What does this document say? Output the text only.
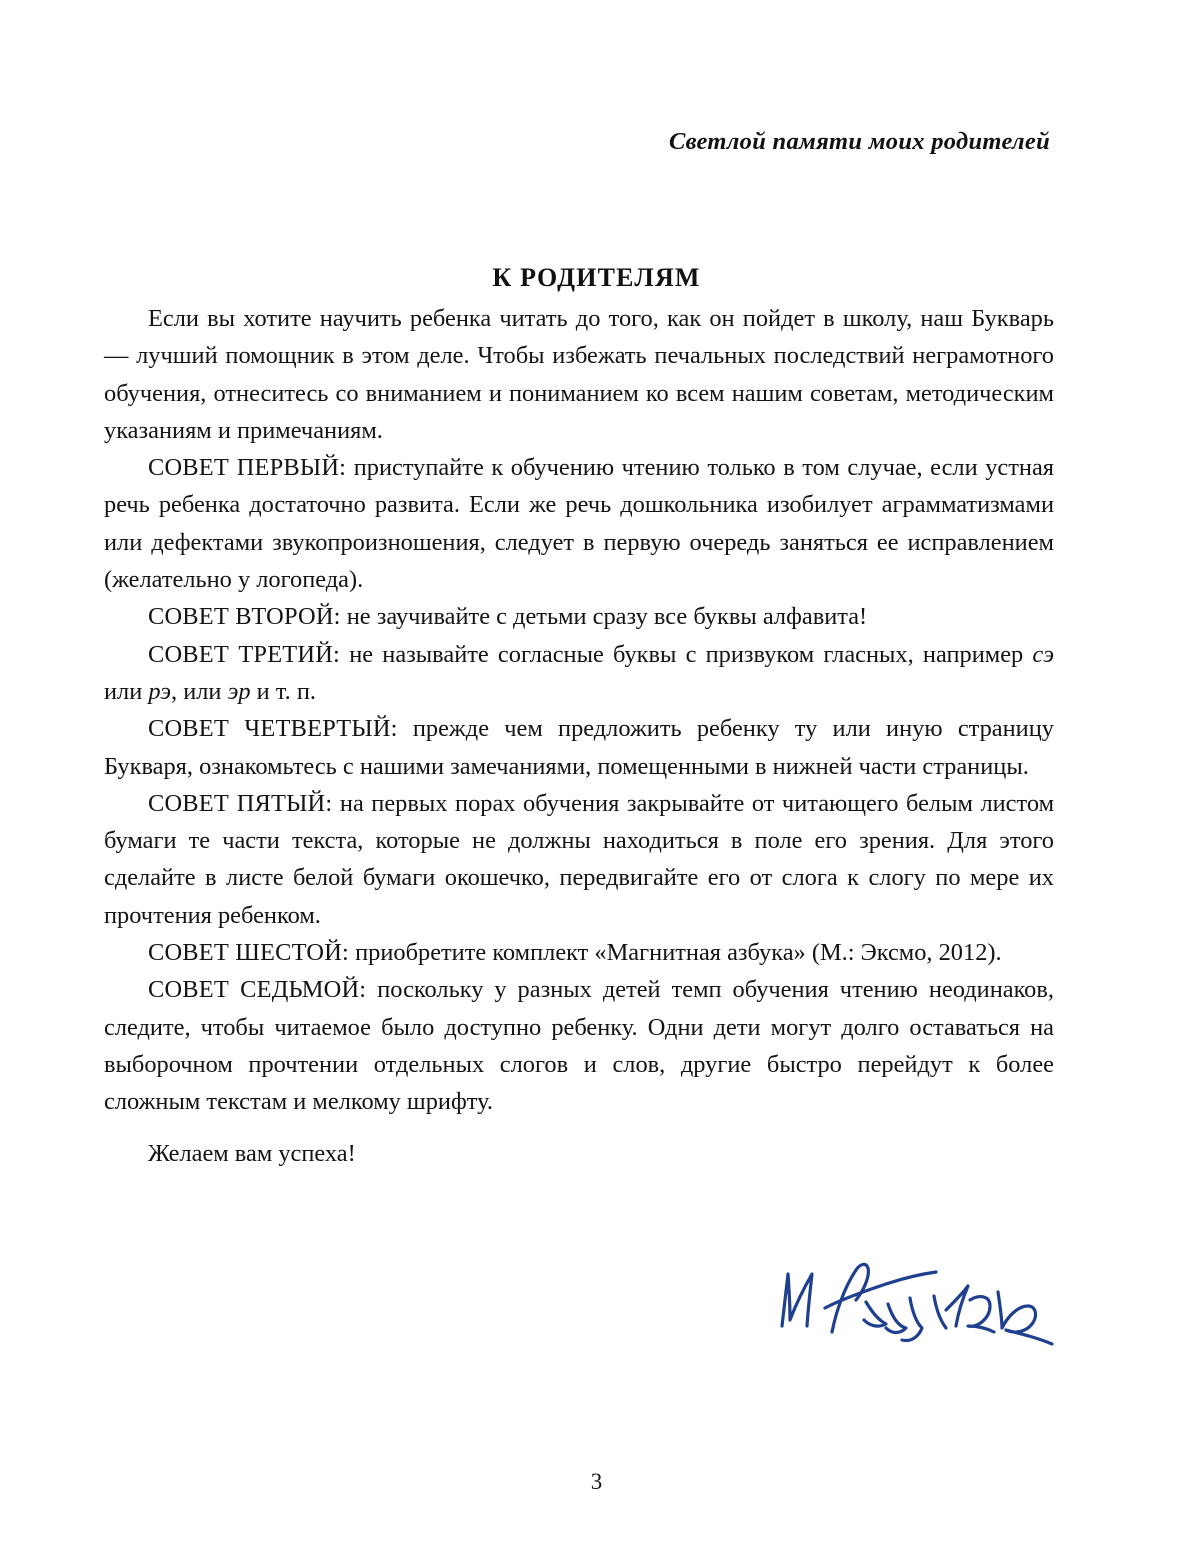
Светлой памяти моих родителей
К РОДИТЕЛЯМ

Если вы хотите научить ребенка читать до того, как он пойдет в школу, наш Букварь — лучший помощник в этом деле. Чтобы избежать печальных последствий неграмотного обучения, отнеситесь со вниманием и пониманием ко всем нашим советам, методическим указаниям и примечаниям.

СОВЕТ ПЕРВЫЙ: приступайте к обучению чтению только в том случае, если устная речь ребенка достаточно развита. Если же речь дошкольника изобилует аграмматизмами или дефектами звукопроизношения, следует в первую очередь заняться ее исправлением (желательно у логопеда).

СОВЕТ ВТОРОЙ: не заучивайте с детьми сразу все буквы алфавита!

СОВЕТ ТРЕТИЙ: не называйте согласные буквы с призвуком гласных, например сэ или рэ, или эр и т. п.

СОВЕТ ЧЕТВЕРТЫЙ: прежде чем предложить ребенку ту или иную страницу Букваря, ознакомьтесь с нашими замечаниями, помещенными в нижней части страницы.

СОВЕТ ПЯТЫЙ: на первых порах обучения закрывайте от читающего белым листом бумаги те части текста, которые не должны находиться в поле его зрения. Для этого сделайте в листе белой бумаги окошечко, передвигайте его от слога к слогу по мере их прочтения ребенком.

СОВЕТ ШЕСТОЙ: приобретите комплект «Магнитная азбука» (М.: Эксмо, 2012).

СОВЕТ СЕДЬМОЙ: поскольку у разных детей темп обучения чтению неодинаков, следите, чтобы читаемое было доступно ребенку. Одни дети могут долго оставаться на выборочном прочтении отдельных слогов и слов, другие быстро перейдут к более сложным текстам и мелкому шрифту.

Желаем вам успеха!

3
